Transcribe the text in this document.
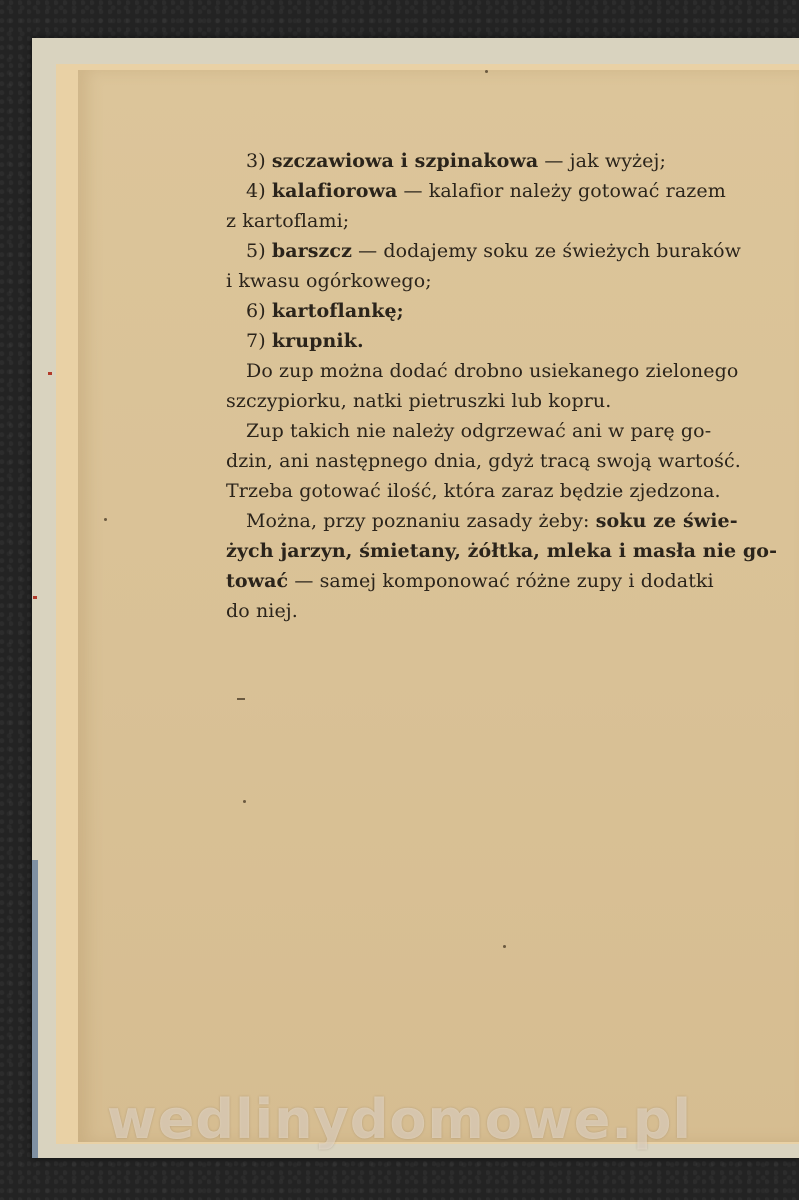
3) szczawiowa i szpinakowa — jak wyżej;
4) kalafiorowa — kalafior należy gotować razem
z kartoflami;
5) barszcz — dodajemy soku ze świeżych buraków
i kwasu ogórkowego;
6) kartoflankę;
7) krupnik.
Do zup można dodać drobno usiekanego zielonego
szczypiorku, natki pietruszki lub kopru.
Zup takich nie należy odgrzewać ani w parę go-
dzin, ani następnego dnia, gdyż tracą swoją wartość.
Trzeba gotować ilość, która zaraz będzie zjedzona.
Można, przy poznaniu zasady żeby: soku ze świe-
żych jarzyn, śmietany, żółtka, mleka i masła nie go-
tować — samej komponować różne zupy i dodatki
do niej.
wedlinydomowe.pl
